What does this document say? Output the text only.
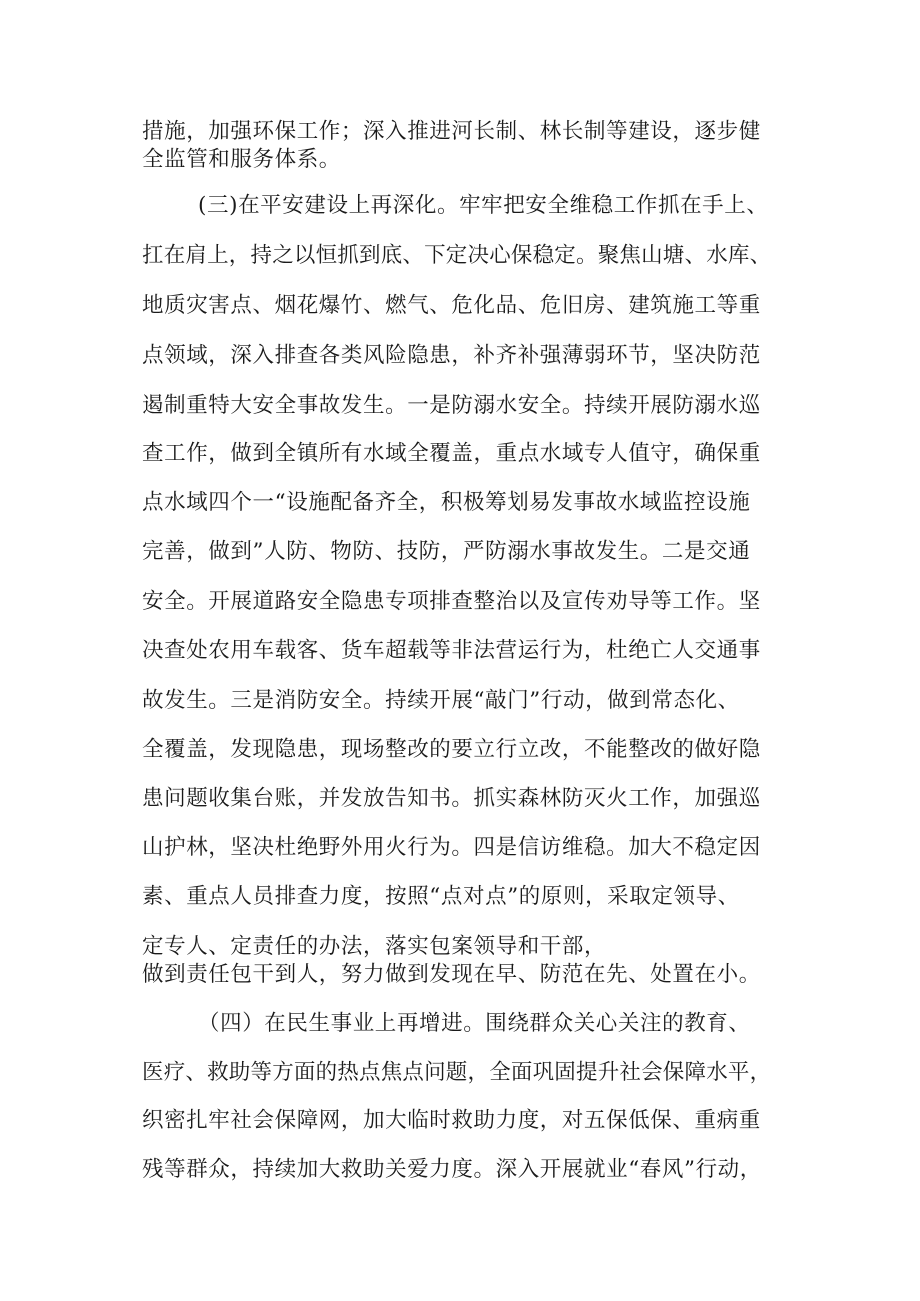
措施，加强环保工作；深入推进河长制、林长制等建设，逐步健
全监管和服务体系。
(三)在平安建设上再深化。牢牢把安全维稳工作抓在手上、
扛在肩上，持之以恒抓到底、下定决心保稳定。聚焦山塘、水库、
地质灾害点、烟花爆竹、燃气、危化品、危旧房、建筑施工等重
点领域，深入排查各类风险隐患，补齐补强薄弱环节，坚决防范
遏制重特大安全事故发生。一是防溺水安全。持续开展防溺水巡
查工作，做到全镇所有水域全覆盖，重点水域专人值守，确保重
点水域四个一“设施配备齐全，积极筹划易发事故水域监控设施
完善，做到”人防、物防、技防，严防溺水事故发生。二是交通
安全。开展道路安全隐患专项排查整治以及宣传劝导等工作。坚
决查处农用车载客、货车超载等非法营运行为，杜绝亡人交通事
故发生。三是消防安全。持续开展“敲门”行动，做到常态化、
全覆盖，发现隐患，现场整改的要立行立改，不能整改的做好隐
患问题收集台账，并发放告知书。抓实森林防灭火工作，加强巡
山护林，坚决杜绝野外用火行为。四是信访维稳。加大不稳定因
素、重点人员排查力度，按照“点对点”的原则，采取定领导、
定专人、定责任的办法，落实包案领导和干部，
做到责任包干到人，努力做到发现在早、防范在先、处置在小。
（四）在民生事业上再增进。围绕群众关心关注的教育、
医疗、救助等方面的热点焦点问题，全面巩固提升社会保障水平，
织密扎牢社会保障网，加大临时救助力度，对五保低保、重病重
残等群众，持续加大救助关爱力度。深入开展就业“春风”行动，
